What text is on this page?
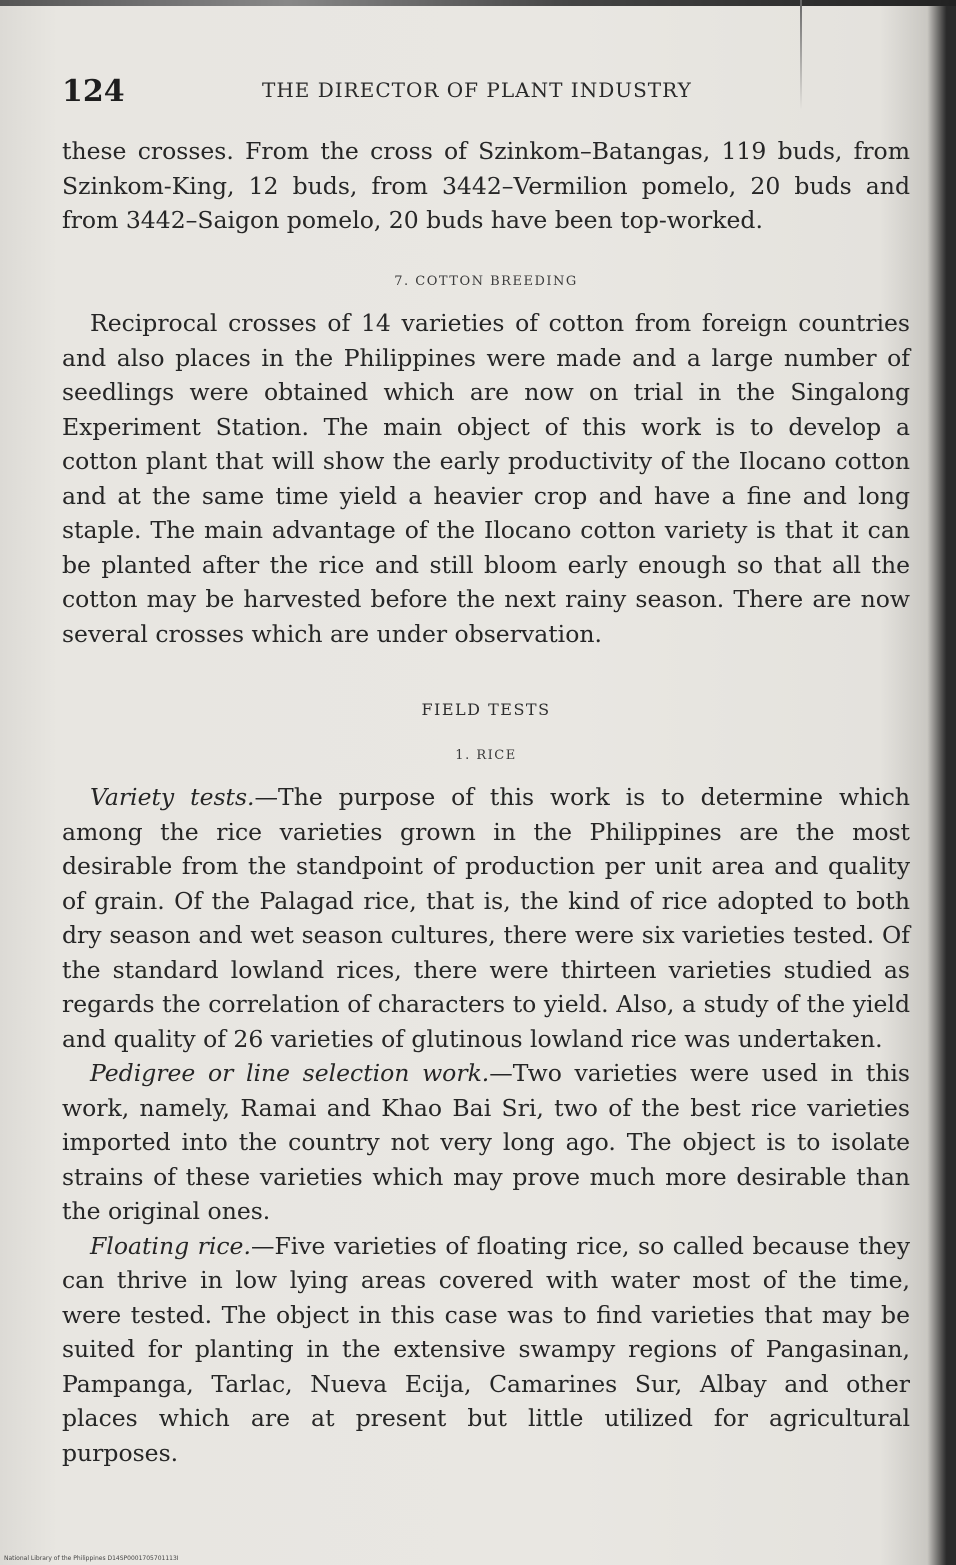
124	THE DIRECTOR OF PLANT INDUSTRY

these crosses. From the cross of Szinkom–Batangas, 119 buds, from Szinkom-King, 12 buds, from 3442–Vermilion pomelo, 20 buds and from 3442–Saigon pomelo, 20 buds have been top-worked.

7. COTTON BREEDING

Reciprocal crosses of 14 varieties of cotton from foreign countries and also places in the Philippines were made and a large number of seedlings were obtained which are now on trial in the Singalong Experiment Station. The main object of this work is to develop a cotton plant that will show the early productivity of the Ilocano cotton and at the same time yield a heavier crop and have a fine and long staple. The main advantage of the Ilocano cotton variety is that it can be planted after the rice and still bloom early enough so that all the cotton may be harvested before the next rainy season. There are now several crosses which are under observation.

FIELD TESTS
1. RICE

Variety tests.—The purpose of this work is to determine which among the rice varieties grown in the Philippines are the most desirable from the standpoint of production per unit area and quality of grain. Of the Palagad rice, that is, the kind of rice adopted to both dry season and wet season cultures, there were six varieties tested. Of the standard lowland rices, there were thirteen varieties studied as regards the correlation of characters to yield. Also, a study of the yield and quality of 26 varieties of glutinous lowland rice was undertaken.

Pedigree or line selection work.—Two varieties were used in this work, namely, Ramai and Khao Bai Sri, two of the best rice varieties imported into the country not very long ago. The object is to isolate strains of these varieties which may prove much more desirable than the original ones.

Floating rice.—Five varieties of floating rice, so called because they can thrive in low lying areas covered with water most of the time, were tested. The object in this case was to find varieties that may be suited for planting in the extensive swampy regions of Pangasinan, Pampanga, Tarlac, Nueva Ecija, Camarines Sur, Albay and other places which are at present but little utilized for agricultural purposes.

National Library of the Philippines D14SP0001705701113I
